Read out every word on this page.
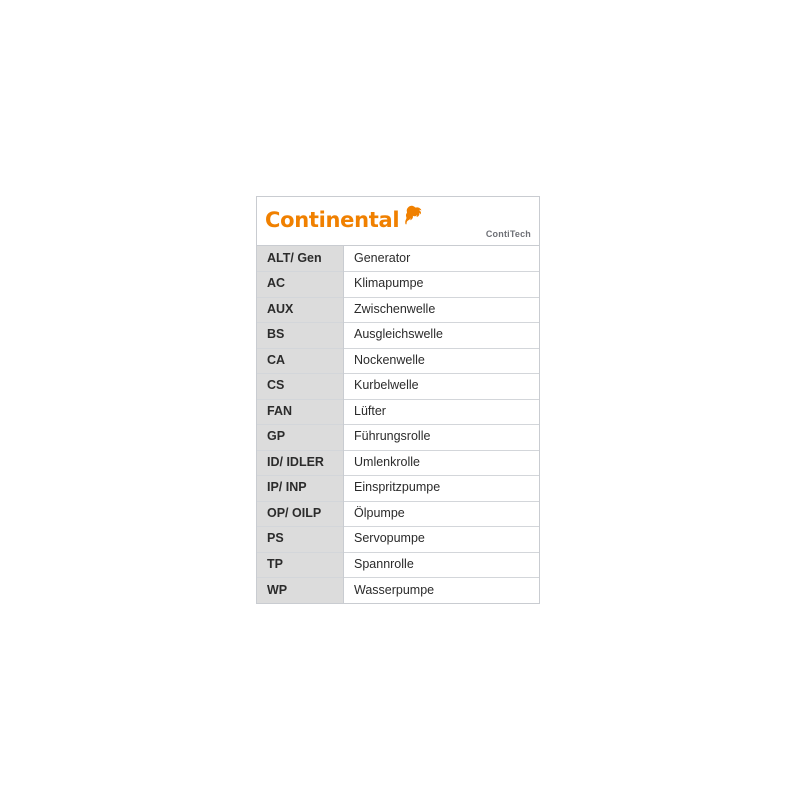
Continental
ContiTech
ALT/ Gen	Generator
AC	Klimapumpe
AUX	Zwischenwelle
BS	Ausgleichswelle
CA	Nockenwelle
CS	Kurbelwelle
FAN	Lüfter
GP	Führungsrolle
ID/ IDLER	Umlenkrolle
IP/ INP	Einspritzpumpe
OP/ OILP	Ölpumpe
PS	Servopumpe
TP	Spannrolle
WP	Wasserpumpe
